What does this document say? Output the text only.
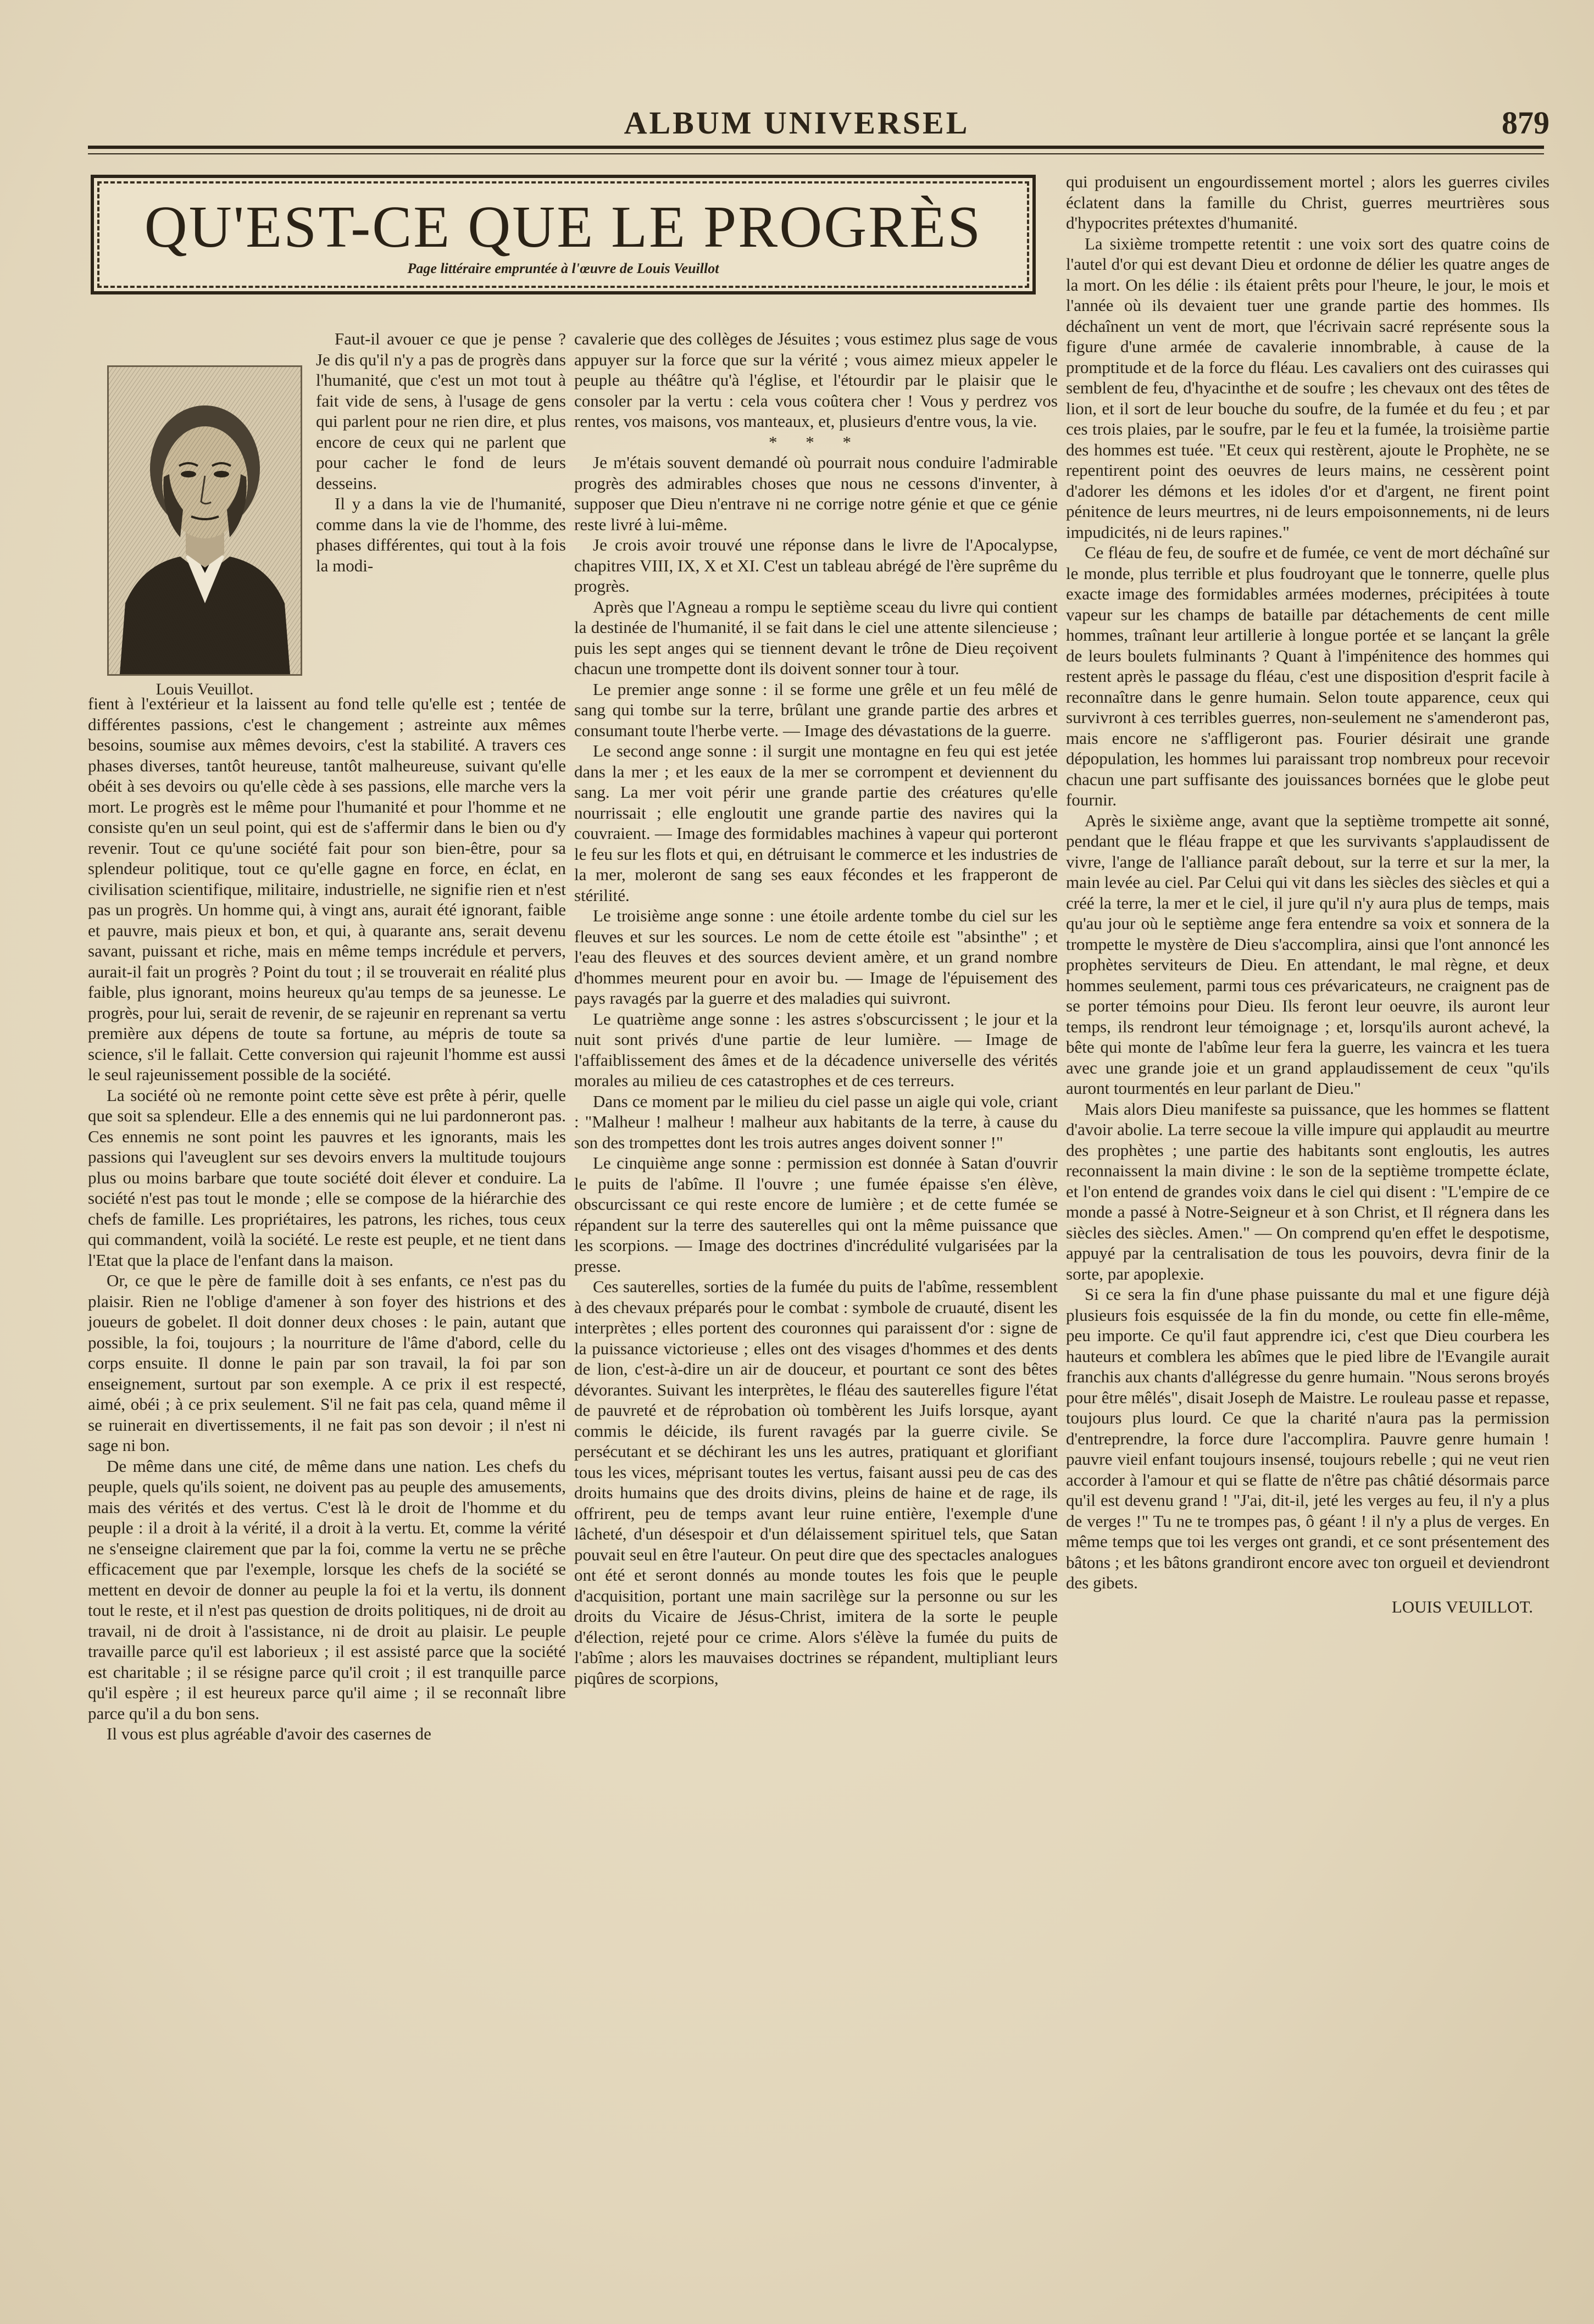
ALBUM UNIVERSEL	879
QU'EST-CE QUE LE PROGRÈS
Page littéraire empruntée à l'œuvre de Louis Veuillot
Louis Veuillot.

Faut-il avouer ce que je pense ? Je dis qu'il n'y a pas de progrès dans l'humanité, que c'est un mot tout à fait vide de sens, à l'usage de gens qui parlent pour ne rien dire, et plus encore de ceux qui ne parlent que pour cacher le fond de leurs desseins.

Il y a dans la vie de l'humanité, comme dans la vie de l'homme, des phases différentes, qui tout à la fois la modi-

fient à l'extérieur et la laissent au fond telle qu'elle est ; tentée de différentes passions, c'est le changement ; astreinte aux mêmes besoins, soumise aux mêmes devoirs, c'est la stabilité. A travers ces phases diverses, tantôt heureuse, tantôt malheureuse, suivant qu'elle obéit à ses devoirs ou qu'elle cède à ses passions, elle marche vers la mort. Le progrès est le même pour l'humanité et pour l'homme et ne consiste qu'en un seul point, qui est de s'affermir dans le bien ou d'y revenir. Tout ce qu'une société fait pour son bien-être, pour sa splendeur politique, tout ce qu'elle gagne en force, en éclat, en civilisation scientifique, militaire, industrielle, ne signifie rien et n'est pas un progrès. Un homme qui, à vingt ans, aurait été ignorant, faible et pauvre, mais pieux et bon, et qui, à quarante ans, serait devenu savant, puissant et riche, mais en même temps incrédule et pervers, aurait-il fait un progrès ? Point du tout ; il se trouverait en réalité plus faible, plus ignorant, moins heureux qu'au temps de sa jeunesse. Le progrès, pour lui, serait de revenir, de se rajeunir en reprenant sa vertu première aux dépens de toute sa fortune, au mépris de toute sa science, s'il le fallait. Cette conversion qui rajeunit l'homme est aussi le seul rajeunissement possible de la société.

La société où ne remonte point cette sève est prête à périr, quelle que soit sa splendeur. Elle a des ennemis qui ne lui pardonneront pas. Ces ennemis ne sont point les pauvres et les ignorants, mais les passions qui l'aveuglent sur ses devoirs envers la multitude toujours plus ou moins barbare que toute société doit élever et conduire. La société n'est pas tout le monde ; elle se compose de la hiérarchie des chefs de famille. Les propriétaires, les patrons, les riches, tous ceux qui commandent, voilà la société. Le reste est peuple, et ne tient dans l'Etat que la place de l'enfant dans la maison.

Or, ce que le père de famille doit à ses enfants, ce n'est pas du plaisir. Rien ne l'oblige d'amener à son foyer des histrions et des joueurs de gobelet. Il doit donner deux choses : le pain, autant que possible, la foi, toujours ; la nourriture de l'âme d'abord, celle du corps ensuite. Il donne le pain par son travail, la foi par son enseignement, surtout par son exemple. A ce prix il est respecté, aimé, obéi ; à ce prix seulement. S'il ne fait pas cela, quand même il se ruinerait en divertissements, il ne fait pas son devoir ; il n'est ni sage ni bon.

De même dans une cité, de même dans une nation. Les chefs du peuple, quels qu'ils soient, ne doivent pas au peuple des amusements, mais des vérités et des vertus. C'est là le droit de l'homme et du peuple : il a droit à la vérité, il a droit à la vertu. Et, comme la vérité ne s'enseigne clairement que par la foi, comme la vertu ne se prêche efficacement que par l'exemple, lorsque les chefs de la société se mettent en devoir de donner au peuple la foi et la vertu, ils donnent tout le reste, et il n'est pas question de droits politiques, ni de droit au travail, ni de droit à l'assistance, ni de droit au plaisir. Le peuple travaille parce qu'il est laborieux ; il est assisté parce que la société est charitable ; il se résigne parce qu'il croit ; il est tranquille parce qu'il espère ; il est heureux parce qu'il aime ; il se reconnaît libre parce qu'il a du bon sens.

Il vous est plus agréable d'avoir des casernes de

cavalerie que des collèges de Jésuites ; vous estimez plus sage de vous appuyer sur la force que sur la vérité ; vous aimez mieux appeler le peuple au théâtre qu'à l'église, et l'étourdir par le plaisir que le consoler par la vertu : cela vous coûtera cher ! Vous y perdrez vos rentes, vos maisons, vos manteaux, et, plusieurs d'entre vous, la vie.

* * *

Je m'étais souvent demandé où pourrait nous conduire l'admirable progrès des admirables choses que nous ne cessons d'inventer, à supposer que Dieu n'entrave ni ne corrige notre génie et que ce génie reste livré à lui-même.

Je crois avoir trouvé une réponse dans le livre de l'Apocalypse, chapitres VIII, IX, X et XI. C'est un tableau abrégé de l'ère suprême du progrès.

Après que l'Agneau a rompu le septième sceau du livre qui contient la destinée de l'humanité, il se fait dans le ciel une attente silencieuse ; puis les sept anges qui se tiennent devant le trône de Dieu reçoivent chacun une trompette dont ils doivent sonner tour à tour.

Le premier ange sonne : il se forme une grêle et un feu mêlé de sang qui tombe sur la terre, brûlant une grande partie des arbres et consumant toute l'herbe verte. — Image des dévastations de la guerre.

Le second ange sonne : il surgit une montagne en feu qui est jetée dans la mer ; et les eaux de la mer se corrompent et deviennent du sang. La mer voit périr une grande partie des créatures qu'elle nourrissait ; elle engloutit une grande partie des navires qui la couvraient. — Image des formidables machines à vapeur qui porteront le feu sur les flots et qui, en détruisant le commerce et les industries de la mer, moleront de sang ses eaux fécondes et les frapperont de stérilité.

Le troisième ange sonne : une étoile ardente tombe du ciel sur les fleuves et sur les sources. Le nom de cette étoile est "absinthe" ; et l'eau des fleuves et des sources devient amère, et un grand nombre d'hommes meurent pour en avoir bu. — Image de l'épuisement des pays ravagés par la guerre et des maladies qui suivront.

Le quatrième ange sonne : les astres s'obscurcissent ; le jour et la nuit sont privés d'une partie de leur lumière. — Image de l'affaiblissement des âmes et de la décadence universelle des vérités morales au milieu de ces catastrophes et de ces terreurs.

Dans ce moment par le milieu du ciel passe un aigle qui vole, criant : "Malheur ! malheur ! malheur aux habitants de la terre, à cause du son des trompettes dont les trois autres anges doivent sonner !"

Le cinquième ange sonne : permission est donnée à Satan d'ouvrir le puits de l'abîme. Il l'ouvre ; une fumée épaisse s'en élève, obscurcissant ce qui reste encore de lumière ; et de cette fumée se répandent sur la terre des sauterelles qui ont la même puissance que les scorpions. — Image des doctrines d'incrédulité vulgarisées par la presse.

Ces sauterelles, sorties de la fumée du puits de l'abîme, ressemblent à des chevaux préparés pour le combat : symbole de cruauté, disent les interprètes ; elles portent des couronnes qui paraissent d'or : signe de la puissance victorieuse ; elles ont des visages d'hommes et des dents de lion, c'est-à-dire un air de douceur, et pourtant ce sont des bêtes dévorantes. Suivant les interprètes, le fléau des sauterelles figure l'état de pauvreté et de réprobation où tombèrent les Juifs lorsque, ayant commis le déicide, ils furent ravagés par la guerre civile. Se persécutant et se déchirant les uns les autres, pratiquant et glorifiant tous les vices, méprisant toutes les vertus, faisant aussi peu de cas des droits humains que des droits divins, pleins de haine et de rage, ils offrirent, peu de temps avant leur ruine entière, l'exemple d'une lâcheté, d'un désespoir et d'un délaissement spirituel tels, que Satan pouvait seul en être l'auteur. On peut dire que des spectacles analogues ont été et seront donnés au monde toutes les fois que le peuple d'acquisition, portant une main sacrilège sur la personne ou sur les droits du Vicaire de Jésus-Christ, imitera de la sorte le peuple d'élection, rejeté pour ce crime. Alors s'élève la fumée du puits de l'abîme ; alors les mauvaises doctrines se répandent, multipliant leurs piqûres de scorpions,

qui produisent un engourdissement mortel ; alors les guerres civiles éclatent dans la famille du Christ, guerres meurtrières sous d'hypocrites prétextes d'humanité.

La sixième trompette retentit : une voix sort des quatre coins de l'autel d'or qui est devant Dieu et ordonne de délier les quatre anges de la mort. On les délie : ils étaient prêts pour l'heure, le jour, le mois et l'année où ils devaient tuer une grande partie des hommes. Ils déchaînent un vent de mort, que l'écrivain sacré représente sous la figure d'une armée de cavalerie innombrable, à cause de la promptitude et de la force du fléau. Les cavaliers ont des cuirasses qui semblent de feu, d'hyacinthe et de soufre ; les chevaux ont des têtes de lion, et il sort de leur bouche du soufre, de la fumée et du feu ; et par ces trois plaies, par le soufre, par le feu et la fumée, la troisième partie des hommes est tuée. "Et ceux qui restèrent, ajoute le Prophète, ne se repentirent point des oeuvres de leurs mains, ne cessèrent point d'adorer les démons et les idoles d'or et d'argent, ne firent point pénitence de leurs meurtres, ni de leurs empoisonnements, ni de leurs impudicités, ni de leurs rapines."

Ce fléau de feu, de soufre et de fumée, ce vent de mort déchaîné sur le monde, plus terrible et plus foudroyant que le tonnerre, quelle plus exacte image des formidables armées modernes, précipitées à toute vapeur sur les champs de bataille par détachements de cent mille hommes, traînant leur artillerie à longue portée et se lançant la grêle de leurs boulets fulminants ? Quant à l'impénitence des hommes qui restent après le passage du fléau, c'est une disposition d'esprit facile à reconnaître dans le genre humain. Selon toute apparence, ceux qui survivront à ces terribles guerres, non-seulement ne s'amenderont pas, mais encore ne s'affligeront pas. Fourier désirait une grande dépopulation, les hommes lui paraissant trop nombreux pour recevoir chacun une part suffisante des jouissances bornées que le globe peut fournir.

Après le sixième ange, avant que la septième trompette ait sonné, pendant que le fléau frappe et que les survivants s'applaudissent de vivre, l'ange de l'alliance paraît debout, sur la terre et sur la mer, la main levée au ciel. Par Celui qui vit dans les siècles des siècles et qui a créé la terre, la mer et le ciel, il jure qu'il n'y aura plus de temps, mais qu'au jour où le septième ange fera entendre sa voix et sonnera de la trompette le mystère de Dieu s'accomplira, ainsi que l'ont annoncé les prophètes serviteurs de Dieu. En attendant, le mal règne, et deux hommes seulement, parmi tous ces prévaricateurs, ne craignent pas de se porter témoins pour Dieu. Ils feront leur oeuvre, ils auront leur temps, ils rendront leur témoignage ; et, lorsqu'ils auront achevé, la bête qui monte de l'abîme leur fera la guerre, les vaincra et les tuera avec une grande joie et un grand applaudissement de ceux "qu'ils auront tourmentés en leur parlant de Dieu."

Mais alors Dieu manifeste sa puissance, que les hommes se flattent d'avoir abolie. La terre secoue la ville impure qui applaudit au meurtre des prophètes ; une partie des habitants sont engloutis, les autres reconnaissent la main divine : le son de la septième trompette éclate, et l'on entend de grandes voix dans le ciel qui disent : "L'empire de ce monde a passé à Notre-Seigneur et à son Christ, et Il régnera dans les siècles des siècles. Amen." — On comprend qu'en effet le despotisme, appuyé par la centralisation de tous les pouvoirs, devra finir de la sorte, par apoplexie.

Si ce sera la fin d'une phase puissante du mal et une figure déjà plusieurs fois esquissée de la fin du monde, ou cette fin elle-même, peu importe. Ce qu'il faut apprendre ici, c'est que Dieu courbera les hauteurs et comblera les abîmes que le pied libre de l'Evangile aurait franchis aux chants d'allégresse du genre humain. "Nous serons broyés pour être mêlés", disait Joseph de Maistre. Le rouleau passe et repasse, toujours plus lourd. Ce que la charité n'aura pas la permission d'entreprendre, la force dure l'accomplira. Pauvre genre humain ! pauvre vieil enfant toujours insensé, toujours rebelle ; qui ne veut rien accorder à l'amour et qui se flatte de n'être pas châtié désormais parce qu'il est devenu grand ! "J'ai, dit-il, jeté les verges au feu, il n'y a plus de verges !" Tu ne te trompes pas, ô géant ! il n'y a plus de verges. En même temps que toi les verges ont grandi, et ce sont présentement des bâtons ; et les bâtons grandiront encore avec ton orgueil et deviendront des gibets.

LOUIS VEUILLOT.
